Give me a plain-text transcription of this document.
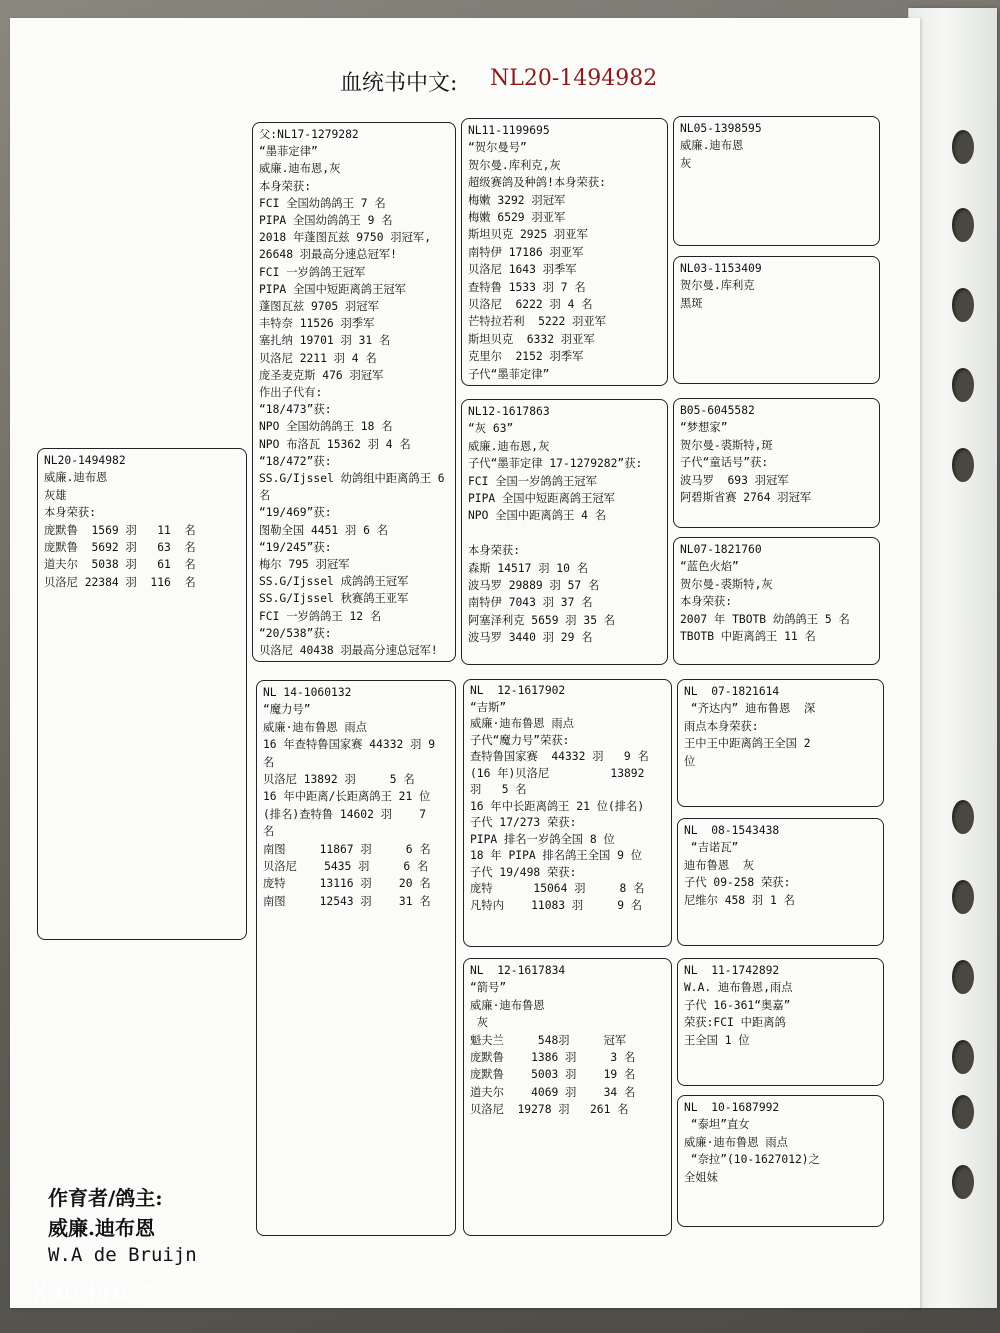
血统书中文: NL20-1494982
NL20-1494982
威廉.迪布恩
灰雄
本身荣获:
庞默鲁  1569 羽   11  名
庞默鲁  5692 羽   63  名
道夫尔  5038 羽   61  名
贝洛尼 22384 羽  116  名
父:NL17-1279282
“墨菲定律”
威廉.迪布恩,灰
本身荣获:
FCI 全国幼鸽鸽王 7 名
PIPA 全国幼鸽鸽王 9 名
2018 年蓬图瓦兹 9750 羽冠军,
26648 羽最高分速总冠军!
FCI 一岁鸽鸽王冠军
PIPA 全国中短距离鸽王冠军
蓬图瓦兹 9705 羽冠军
丰特奈 11526 羽季军
塞扎纳 19701 羽 31 名
贝洛尼 2211 羽 4 名
庞圣麦克斯 476 羽冠军
作出子代有:
“18/473”获:
NPO 全国幼鸽鸽王 18 名
NPO 布洛瓦 15362 羽 4 名
“18/472”获:
SS.G/Ijssel 幼鸽组中距离鸽王 6
名
“19/469”获:
图勒全国 4451 羽 6 名
“19/245”获:
梅尔 795 羽冠军
SS.G/Ijssel 成鸽鸽王冠军
SS.G/Ijssel 秋赛鸽王亚军
FCI 一岁鸽鸽王 12 名
“20/538”获:
贝洛尼 40438 羽最高分速总冠军!
NL 14-1060132
“魔力号”
威廉·迪布鲁恩 雨点
16 年查特鲁国家赛 44332 羽 9
名
贝洛尼 13892 羽     5 名
16 年中距离/长距离鸽王 21 位
(排名)查特鲁 14602 羽    7
名
南图     11867 羽     6 名
贝洛尼    5435 羽     6 名
庞特     13116 羽    20 名
南图     12543 羽    31 名
NL11-1199695
“贺尔曼号”
贺尔曼.库利克,灰
超级赛鸽及种鸽!本身荣获:
梅嫩 3292 羽冠军
梅嫩 6529 羽亚军
斯坦贝克 2925 羽亚军
南特伊 17186 羽亚军
贝洛尼 1643 羽季军
查特鲁 1533 羽 7 名
贝洛尼  6222 羽 4 名
芒特拉若利  5222 羽亚军
斯坦贝克  6332 羽亚军
克里尔  2152 羽季军
子代“墨菲定律”
NL12-1617863
“灰 63”
威廉.迪布恩,灰
子代“墨菲定律 17-1279282”获:
FCI 全国一岁鸽鸽王冠军
PIPA 全国中短距离鸽王冠军
NPO 全国中距离鸽王 4 名
本身荣获:
森斯 14517 羽 10 名
波马罗 29889 羽 57 名
南特伊 7043 羽 37 名
阿塞泽利克 5659 羽 35 名
波马罗 3440 羽 29 名
NL  12-1617902
“吉斯”
威廉·迪布鲁恩 雨点
子代“魔力号”荣获:
查特鲁国家赛  44332 羽   9 名
(16 年)贝洛尼         13892
羽   5 名
16 年中长距离鸽王 21 位(排名)
子代 17/273 荣获:
PIPA 排名一岁鸽全国 8 位
18 年 PIPA 排名鸽王全国 9 位
子代 19/498 荣获:
庞特      15064 羽     8 名
凡特内    11083 羽     9 名
NL  12-1617834
“箭号”
威廉·迪布鲁恩
灰
魁夫兰     548羽     冠军
庞默鲁    1386 羽     3 名
庞默鲁    5003 羽    19 名
道夫尔    4069 羽    34 名
贝洛尼  19278 羽   261 名
NL05-1398595
威廉.迪布恩
灰
NL03-1153409
贺尔曼.库利克
黑斑
B05-6045582
“梦想家”
贺尔曼-裘斯特,斑
子代“童话号”获:
波马罗  693 羽冠军
阿碧斯省赛 2764 羽冠军
NL07-1821760
“蓝色火焰”
贺尔曼-裘斯特,灰
本身荣获:
2007 年 TBOTB 幼鸽鸽王 5 名
TBOTB 中距离鸽王 11 名
NL  07-1821614
“齐达内” 迪布鲁恩  深
雨点本身荣获:
王中王中距离鸽王全国 2
位
NL  08-1543438
“吉诺瓦”
迪布鲁恩  灰
子代 09-258 荣获:
尼维尔 458 羽 1 名
NL  11-1742892
W.A. 迪布鲁恩,雨点
子代 16-361“奥嘉”
荣获:FCI 中距离鸽
王全国 1 位
NL  10-1687992
“泰坦”直女
威廉·迪布鲁恩 雨点
“奈拉”(10-1627012)之
全姐妹
作育者/鸽主:
威廉.迪布恩
W.A de Bruijn
X30 Pro 5G
